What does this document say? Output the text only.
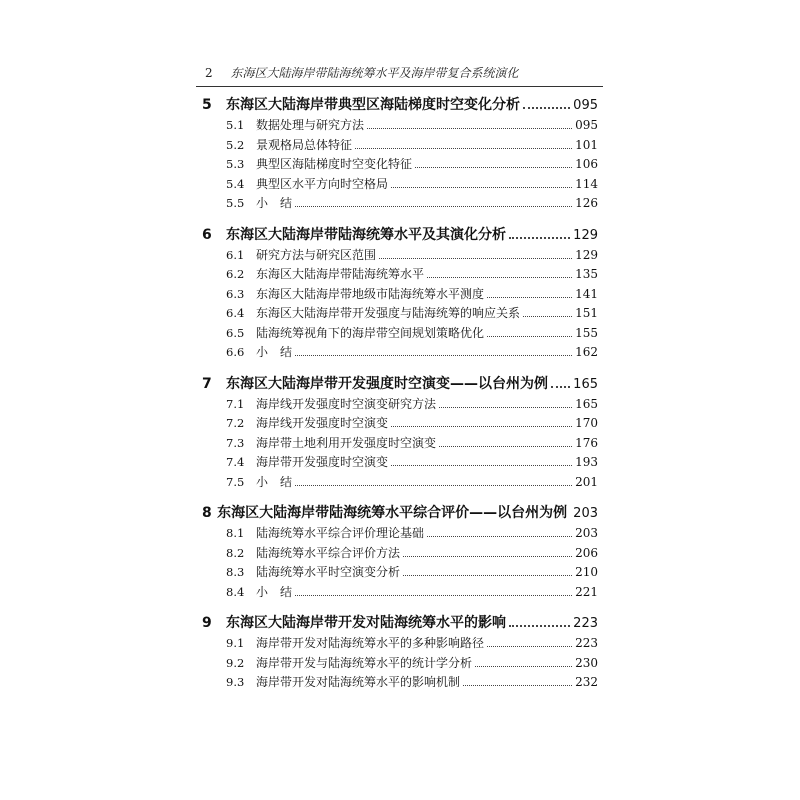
2 东海区大陆海岸带陆海统筹水平及海岸带复合系统演化
5	东海区大陆海岸带典型区海陆梯度时空变化分析	095
5.1 数据处理与研究方法	095
5.2 景观格局总体特征	101
5.3 典型区海陆梯度时空变化特征	106
5.4 典型区水平方向时空格局	114
5.5 小　结	126
6	东海区大陆海岸带陆海统筹水平及其演化分析	129
6.1 研究方法与研究区范围	129
6.2 东海区大陆海岸带陆海统筹水平	135
6.3 东海区大陆海岸带地级市陆海统筹水平测度	141
6.4 东海区大陆海岸带开发强度与陆海统筹的响应关系	151
6.5 陆海统筹视角下的海岸带空间规划策略优化	155
6.6 小　结	162
7	东海区大陆海岸带开发强度时空演变——以台州为例 165
7.1 海岸线开发强度时空演变研究方法	165
7.2 海岸线开发强度时空演变	170
7.3 海岸带土地利用开发强度时空演变	176
7.4 海岸带开发强度时空演变	193
7.5 小　结	201
8 东海区大陆海岸带陆海统筹水平综合评价——以台州为例 203
8.1 陆海统筹水平综合评价理论基础	203
8.2 陆海统筹水平综合评价方法	206
8.3 陆海统筹水平时空演变分析	210
8.4 小　结	221
9	东海区大陆海岸带开发对陆海统筹水平的影响	223
9.1 海岸带开发对陆海统筹水平的多种影响路径	223
9.2 海岸带开发与陆海统筹水平的统计学分析	230
9.3 海岸带开发对陆海统筹水平的影响机制	232
